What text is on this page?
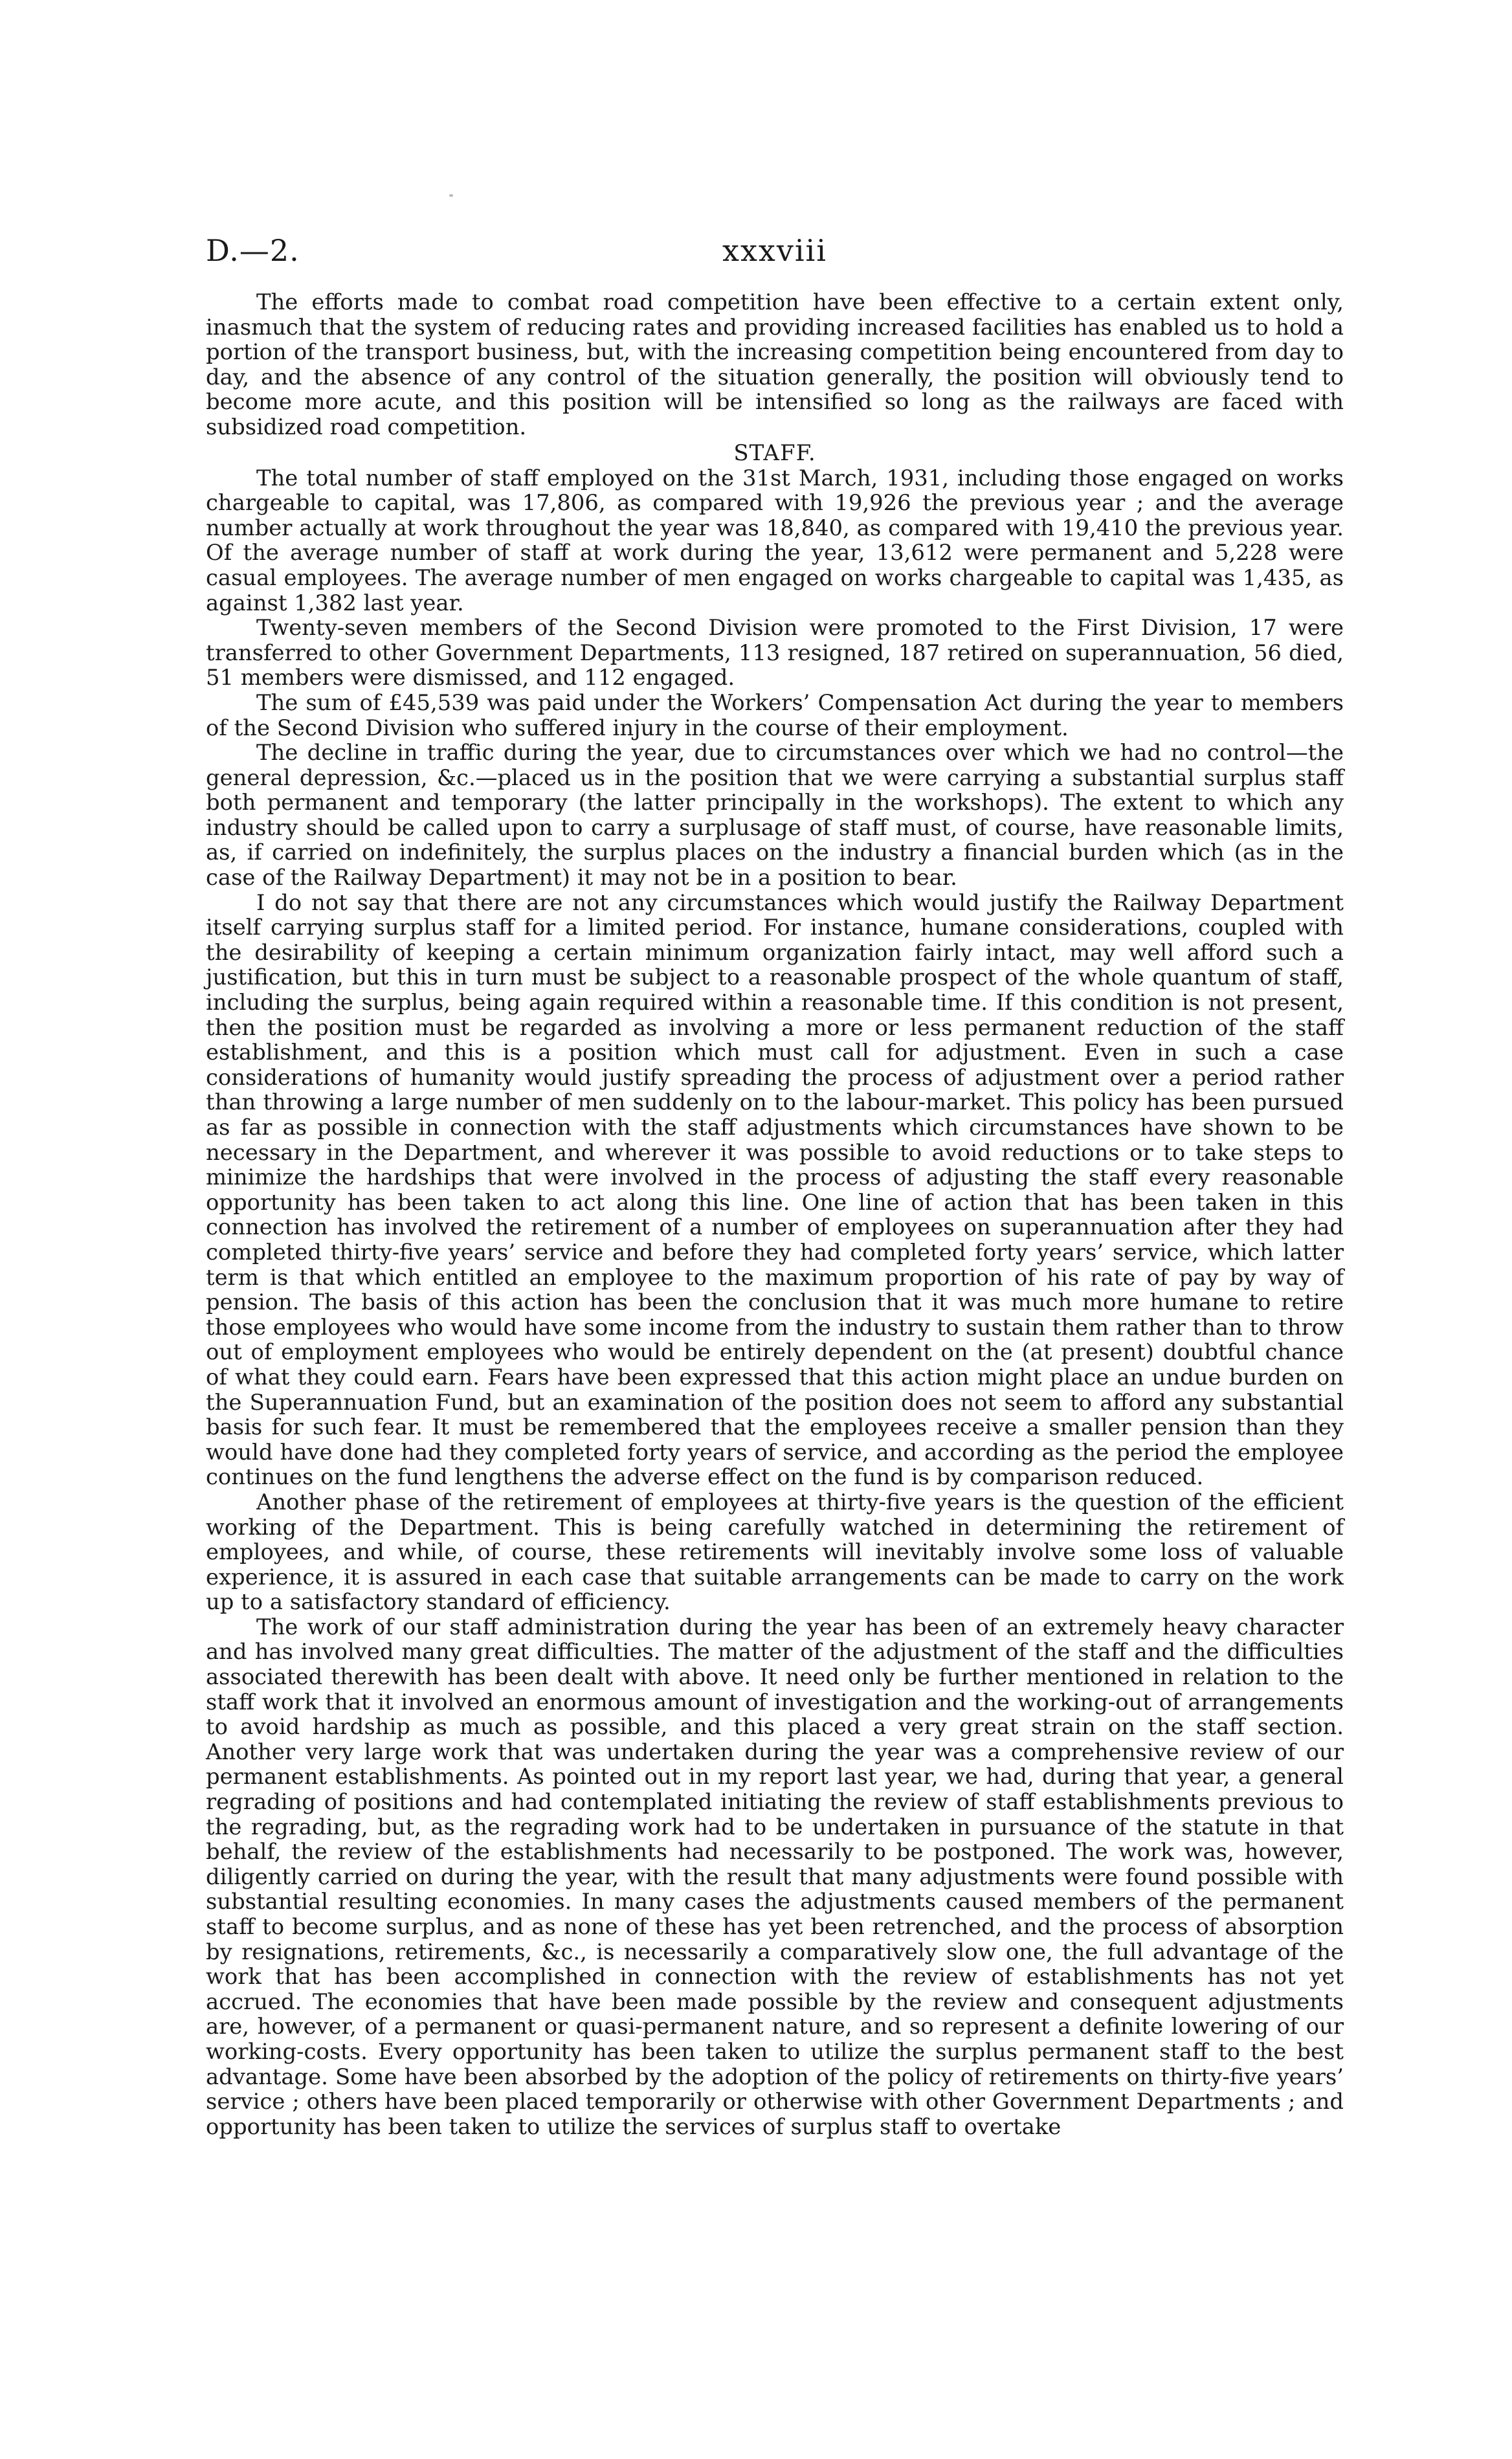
D.—2.	xxxviii

The efforts made to combat road competition have been effective to a certain extent only, inasmuch that the system of reducing rates and providing increased facilities has enabled us to hold a portion of the transport business, but, with the increasing competition being encountered from day to day, and the absence of any control of the situation generally, the position will obviously tend to become more acute, and this position will be intensified so long as the railways are faced with subsidized road competition.

STAFF.

The total number of staff employed on the 31st March, 1931, including those engaged on works chargeable to capital, was 17,806, as compared with 19,926 the previous year ; and the average number actually at work throughout the year was 18,840, as compared with 19,410 the previous year. Of the average number of staff at work during the year, 13,612 were permanent and 5,228 were casual employees. The average number of men engaged on works chargeable to capital was 1,435, as against 1,382 last year.

Twenty-seven members of the Second Division were promoted to the First Division, 17 were transferred to other Government Departments, 113 resigned, 187 retired on superannuation, 56 died, 51 members were dismissed, and 112 engaged.

The sum of £45,539 was paid under the Workers’ Compensation Act during the year to members of the Second Division who suffered injury in the course of their employment.

The decline in traffic during the year, due to circumstances over which we had no control—the general depression, &c.—placed us in the position that we were carrying a substantial surplus staff both permanent and temporary (the latter principally in the workshops). The extent to which any industry should be called upon to carry a surplusage of staff must, of course, have reasonable limits, as, if carried on indefinitely, the surplus places on the industry a financial burden which (as in the case of the Railway Department) it may not be in a position to bear.

I do not say that there are not any circumstances which would justify the Railway Department itself carrying surplus staff for a limited period. For instance, humane considerations, coupled with the desirability of keeping a certain minimum organization fairly intact, may well afford such a justification, but this in turn must be subject to a reasonable prospect of the whole quantum of staff, including the surplus, being again required within a reasonable time. If this condition is not present, then the position must be regarded as involving a more or less permanent reduction of the staff establishment, and this is a position which must call for adjustment. Even in such a case considerations of humanity would justify spreading the process of adjustment over a period rather than throwing a large number of men suddenly on to the labour-market. This policy has been pursued as far as possible in connection with the staff adjustments which circumstances have shown to be necessary in the Department, and wherever it was possible to avoid reductions or to take steps to minimize the hardships that were involved in the process of adjusting the staff every reasonable opportunity has been taken to act along this line. One line of action that has been taken in this connection has involved the retirement of a number of employees on superannuation after they had completed thirty-five years’ service and before they had completed forty years’ service, which latter term is that which entitled an employee to the maximum proportion of his rate of pay by way of pension. The basis of this action has been the conclusion that it was much more humane to retire those employees who would have some income from the industry to sustain them rather than to throw out of employment employees who would be entirely dependent on the (at present) doubtful chance of what they could earn. Fears have been expressed that this action might place an undue burden on the Superannuation Fund, but an examination of the position does not seem to afford any substantial basis for such fear. It must be remembered that the employees receive a smaller pension than they would have done had they completed forty years of service, and according as the period the employee continues on the fund lengthens the adverse effect on the fund is by comparison reduced.

Another phase of the retirement of employees at thirty-five years is the question of the efficient working of the Department. This is being carefully watched in determining the retirement of employees, and while, of course, these retirements will inevitably involve some loss of valuable experience, it is assured in each case that suitable arrangements can be made to carry on the work up to a satisfactory standard of efficiency.

The work of our staff administration during the year has been of an extremely heavy character and has involved many great difficulties. The matter of the adjustment of the staff and the difficulties associated therewith has been dealt with above. It need only be further mentioned in relation to the staff work that it involved an enormous amount of investigation and the working-out of arrangements to avoid hardship as much as possible, and this placed a very great strain on the staff section. Another very large work that was undertaken during the year was a comprehensive review of our permanent establishments. As pointed out in my report last year, we had, during that year, a general regrading of positions and had contemplated initiating the review of staff establishments previous to the regrading, but, as the regrading work had to be undertaken in pursuance of the statute in that behalf, the review of the establishments had necessarily to be postponed. The work was, however, diligently carried on during the year, with the result that many adjustments were found possible with substantial resulting economies. In many cases the adjustments caused members of the permanent staff to become surplus, and as none of these has yet been retrenched, and the process of absorption by resignations, retirements, &c., is necessarily a comparatively slow one, the full advantage of the work that has been accomplished in connection with the review of establishments has not yet accrued. The economies that have been made possible by the review and consequent adjustments are, however, of a permanent or quasi-permanent nature, and so represent a definite lowering of our working-costs. Every opportunity has been taken to utilize the surplus permanent staff to the best advantage. Some have been absorbed by the adoption of the policy of retirements on thirty-five years’ service ; others have been placed temporarily or otherwise with other Government Departments ; and opportunity has been taken to utilize the services of surplus staff to overtake
